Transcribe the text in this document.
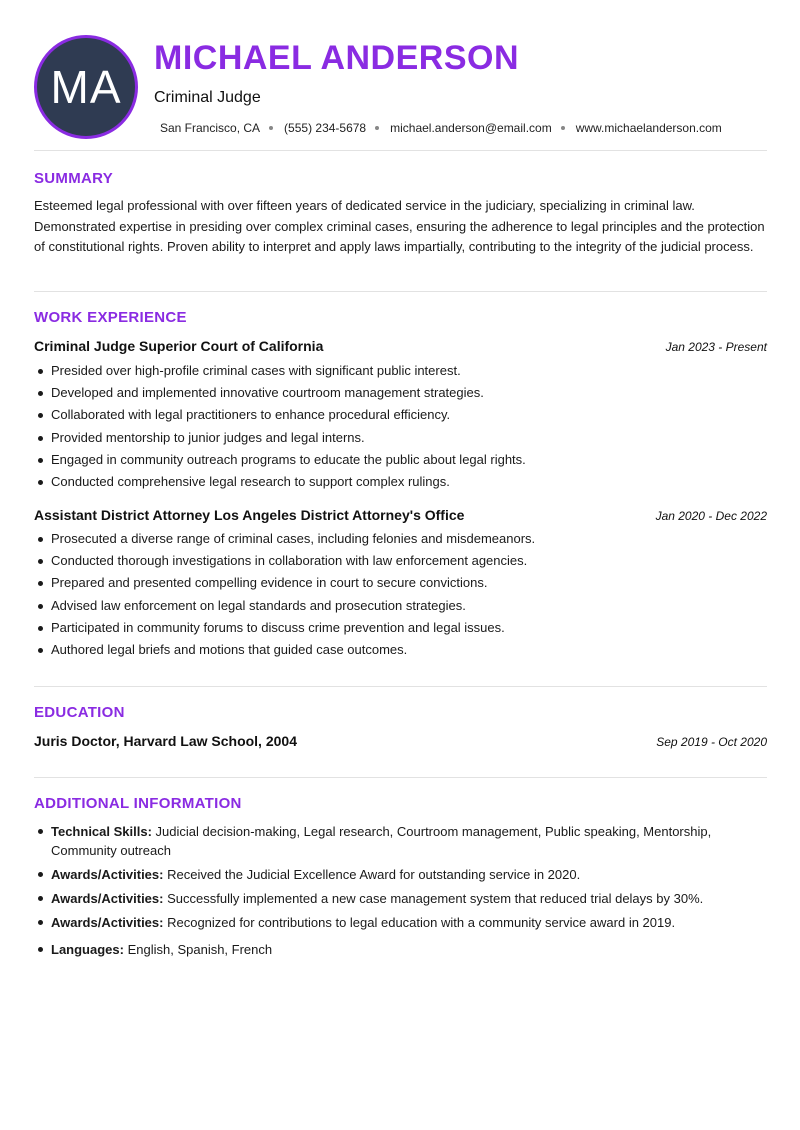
MA
MICHAEL ANDERSON
Criminal Judge
San Francisco, CA (555) 234-5678 michael.anderson@email.com www.michaelanderson.com
SUMMARY

Esteemed legal professional with over fifteen years of dedicated service in the judiciary, specializing in criminal law. Demonstrated expertise in presiding over complex criminal cases, ensuring the adherence to legal principles and the protection of constitutional rights. Proven ability to interpret and apply laws impartially, contributing to the integrity of the judicial process.

WORK EXPERIENCE
Criminal Judge Superior Court of California	Jan 2023 - Present
Presided over high-profile criminal cases with significant public interest.
Developed and implemented innovative courtroom management strategies.
Collaborated with legal practitioners to enhance procedural efficiency.
Provided mentorship to junior judges and legal interns.
Engaged in community outreach programs to educate the public about legal rights.
Conducted comprehensive legal research to support complex rulings.
Assistant District Attorney Los Angeles District Attorney's Office	Jan 2020 - Dec 2022
Prosecuted a diverse range of criminal cases, including felonies and misdemeanors.
Conducted thorough investigations in collaboration with law enforcement agencies.
Prepared and presented compelling evidence in court to secure convictions.
Advised law enforcement on legal standards and prosecution strategies.
Participated in community forums to discuss crime prevention and legal issues.
Authored legal briefs and motions that guided case outcomes.
EDUCATION
Juris Doctor, Harvard Law School, 2004	Sep 2019 - Oct 2020
ADDITIONAL INFORMATION
Technical Skills: Judicial decision-making, Legal research, Courtroom management, Public speaking, Mentorship, Community outreach
Awards/Activities: Received the Judicial Excellence Award for outstanding service in 2020.
Awards/Activities: Successfully implemented a new case management system that reduced trial delays by 30%.
Awards/Activities: Recognized for contributions to legal education with a community service award in 2019.
Languages: English, Spanish, French
